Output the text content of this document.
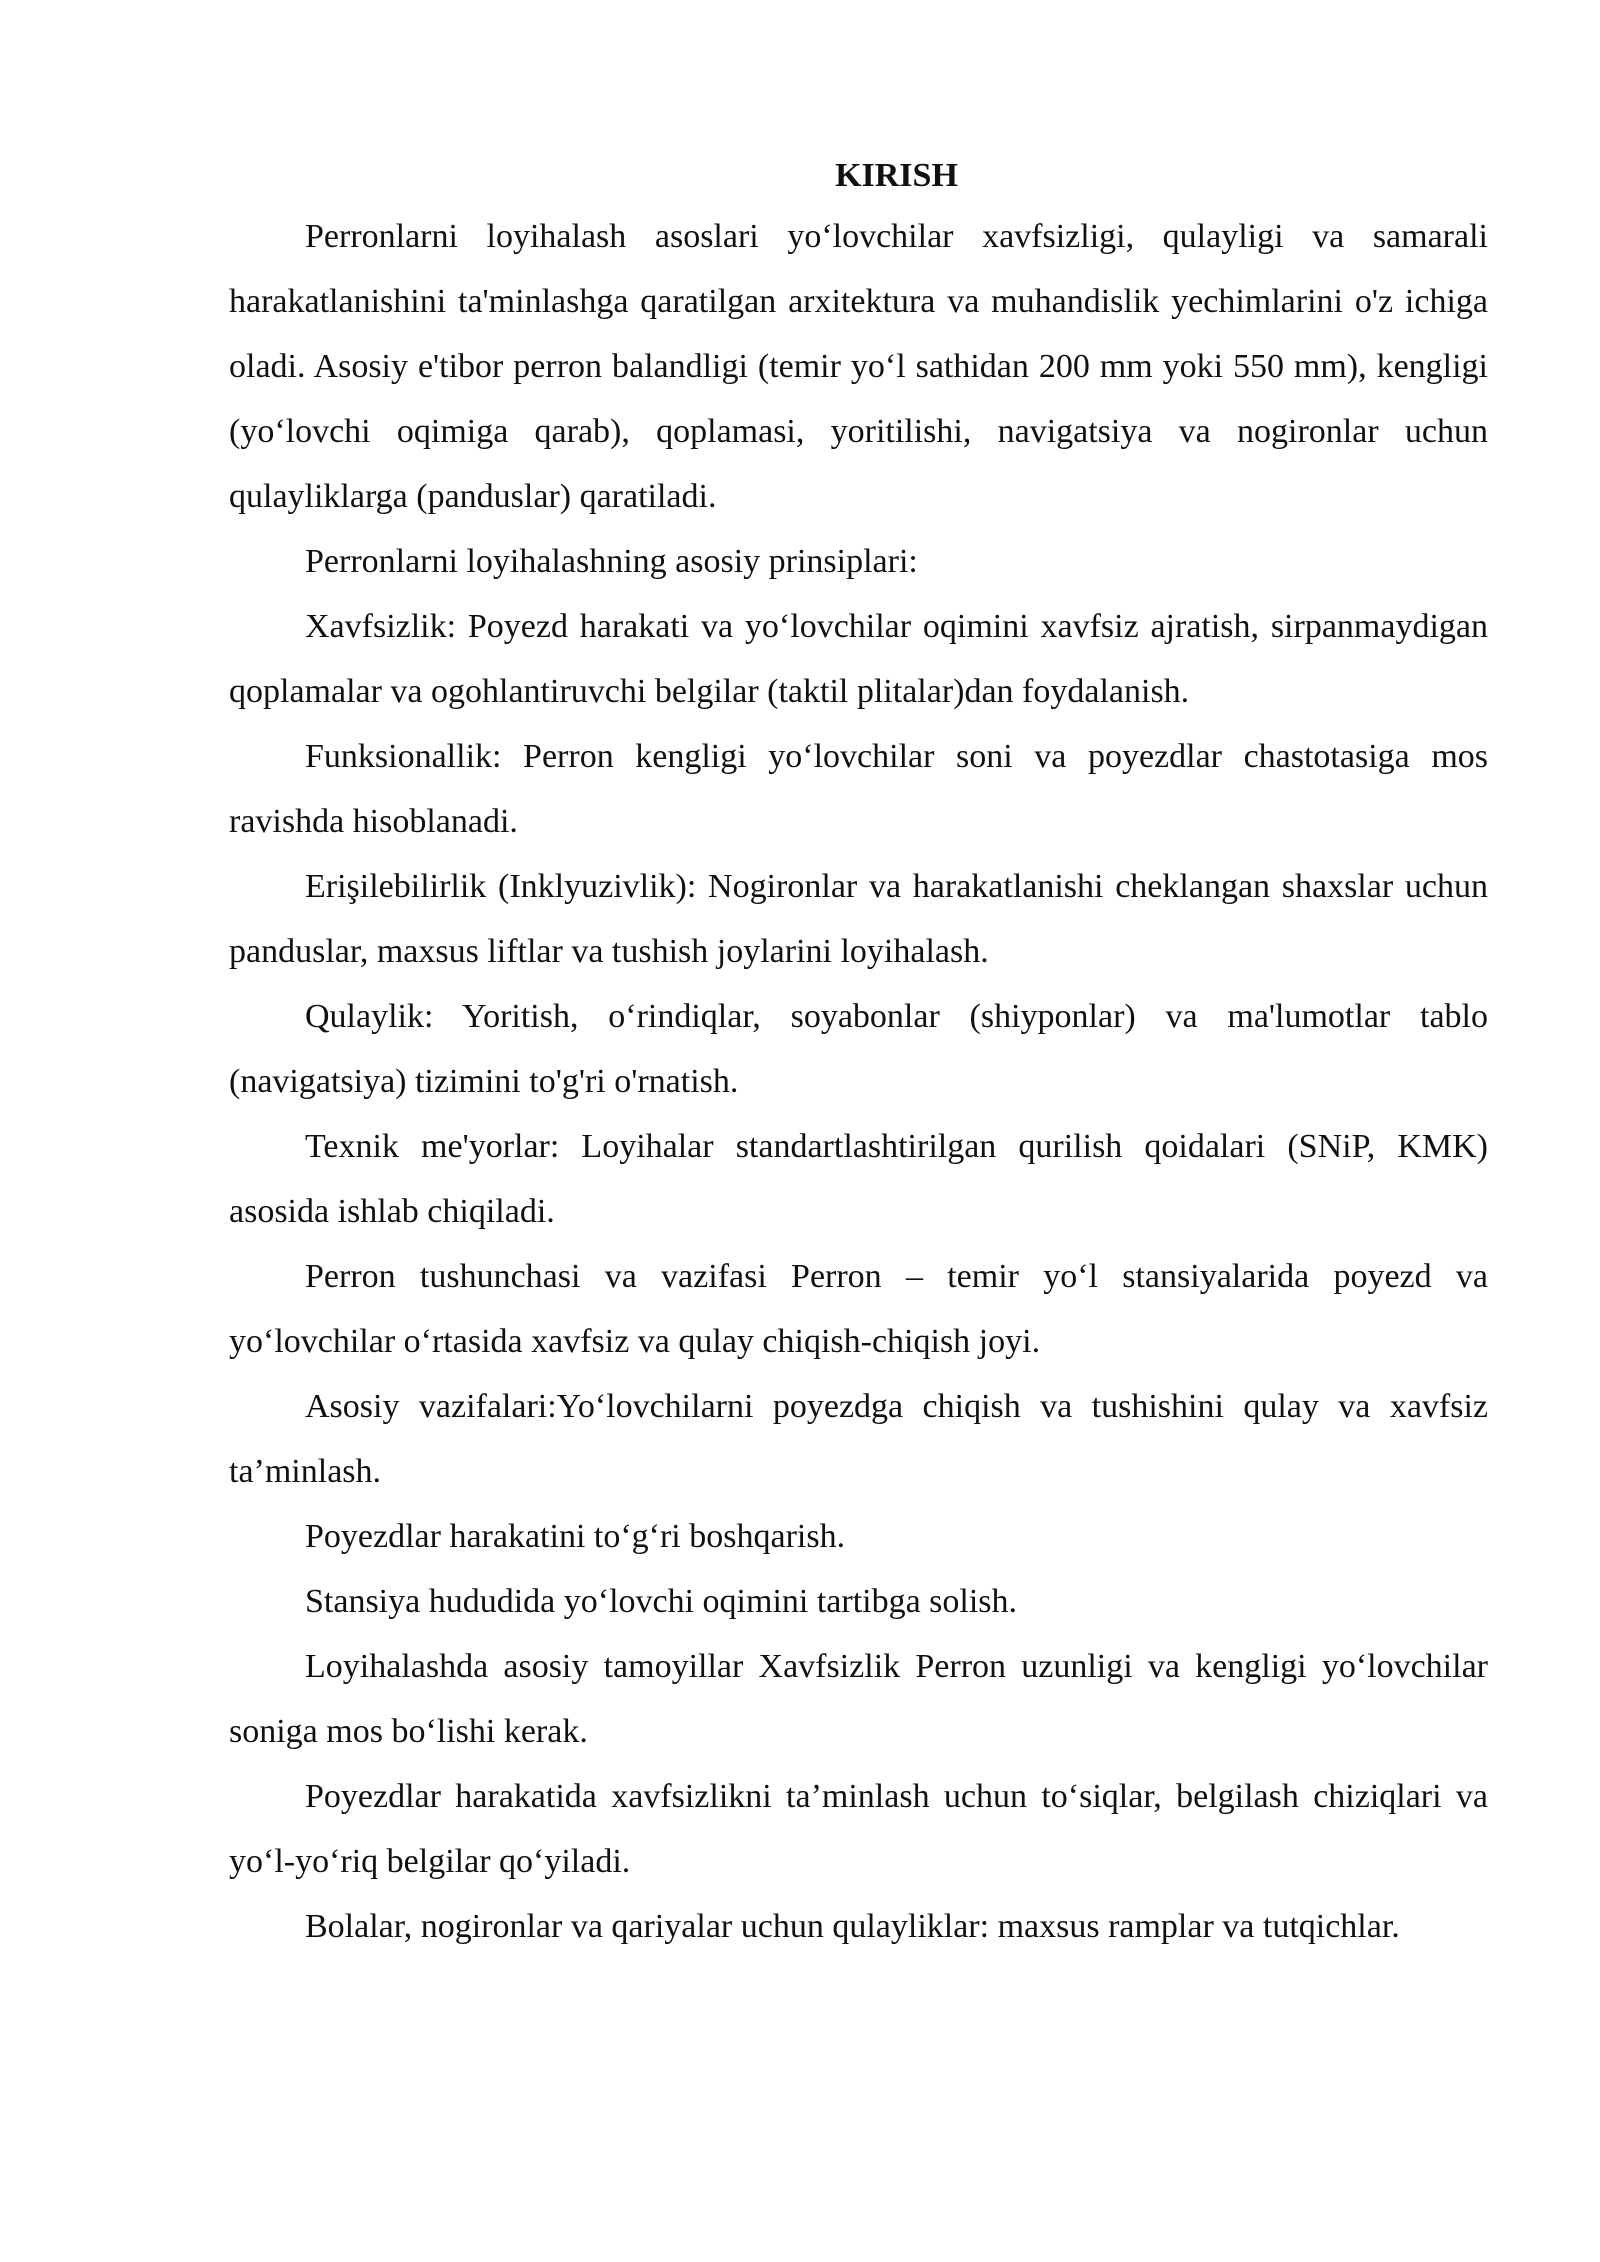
KIRISH

Perronlarni loyihalash asoslari yo‘lovchilar xavfsizligi, qulayligi va samarali harakatlanishini ta'minlashga qaratilgan arxitektura va muhandislik yechimlarini o'z ichiga oladi. Asosiy e'tibor perron balandligi (temir yo‘l sathidan 200 mm yoki 550 mm), kengligi (yo‘lovchi oqimiga qarab), qoplamasi, yoritilishi, navigatsiya va nogironlar uchun qulayliklarga (panduslar) qaratiladi.

Perronlarni loyihalashning asosiy prinsiplari:

Xavfsizlik: Poyezd harakati va yo‘lovchilar oqimini xavfsiz ajratish, sirpanmaydigan qoplamalar va ogohlantiruvchi belgilar (taktil plitalar)dan foydalanish.

Funksionallik: Perron kengligi yo‘lovchilar soni va poyezdlar chastotasiga mos ravishda hisoblanadi.

Erişilebilirlik (Inklyuzivlik): Nogironlar va harakatlanishi cheklangan shaxslar uchun panduslar, maxsus liftlar va tushish joylarini loyihalash.

Qulaylik: Yoritish, o‘rindiqlar, soyabonlar (shiyponlar) va ma'lumotlar tablo (navigatsiya) tizimini to'g'ri o'rnatish.

Texnik me'yorlar: Loyihalar standartlashtirilgan qurilish qoidalari (SNiP, KMK) asosida ishlab chiqiladi.

Perron tushunchasi va vazifasi Perron – temir yo‘l stansiyalarida poyezd va yo‘lovchilar o‘rtasida xavfsiz va qulay chiqish-chiqish joyi.

Asosiy vazifalari:Yo‘lovchilarni poyezdga chiqish va tushishini qulay va xavfsiz ta’minlash.

Poyezdlar harakatini to‘g‘ri boshqarish.

Stansiya hududida yo‘lovchi oqimini tartibga solish.

Loyihalashda asosiy tamoyillar Xavfsizlik Perron uzunligi va kengligi yo‘lovchilar soniga mos bo‘lishi kerak.

Poyezdlar harakatida xavfsizlikni ta’minlash uchun to‘siqlar, belgilash chiziqlari va yo‘l-yo‘riq belgilar qo‘yiladi.

Bolalar, nogironlar va qariyalar uchun qulayliklar: maxsus ramplar va tutqichlar.
